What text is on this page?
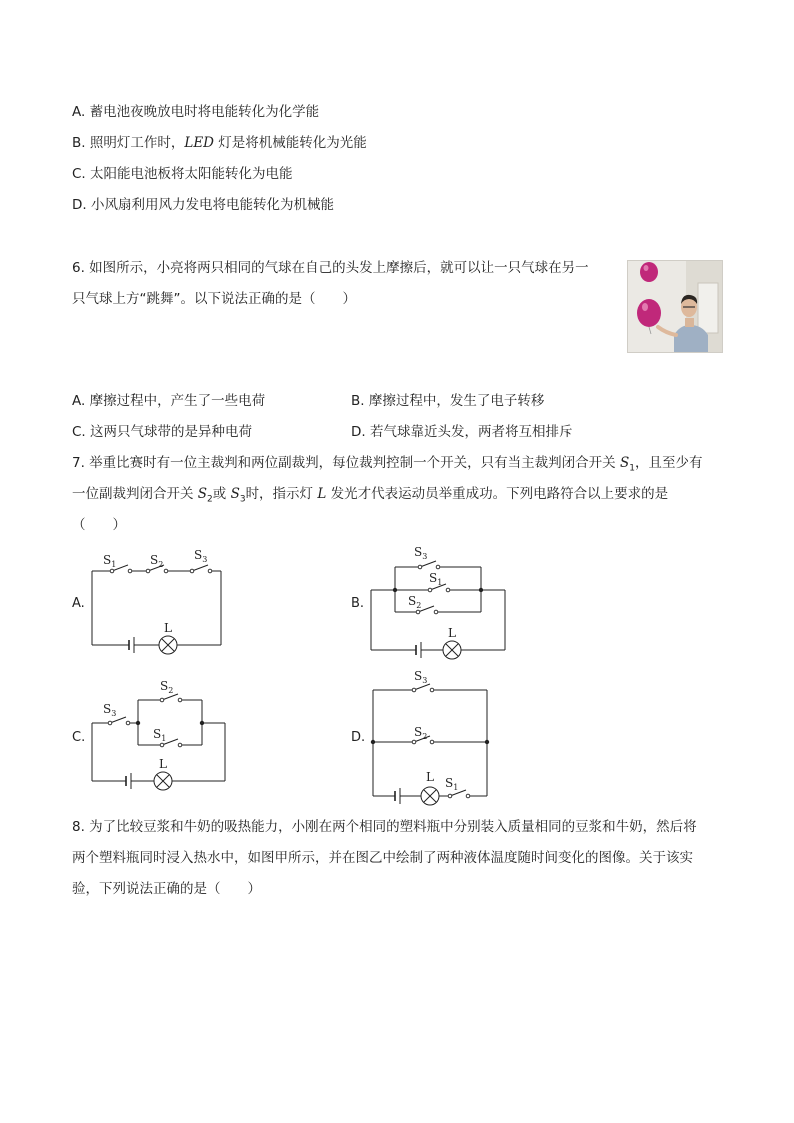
A. 蓄电池夜晚放电时将电能转化为化学能
B. 照明灯工作时，LED 灯是将机械能转化为光能
C. 太阳能电池板将太阳能转化为电能
D. 小风扇利用风力发电将电能转化为机械能
6. 如图所示，小亮将两只相同的气球在自己的头发上摩擦后，就可以让一只气球在另一
只气球上方“跳舞”。以下说法正确的是（　　）
A. 摩擦过程中，产生了一些电荷	B. 摩擦过程中，发生了电子转移
C. 这两只气球带的是异种电荷	D. 若气球靠近头发，两者将互相排斥
7. 举重比赛时有一位主裁判和两位副裁判，每位裁判控制一个开关，只有当主裁判闭合开关 $S_1$，且至少有
一位副裁判闭合开关 $S_2$或 $S_3$时，指示灯 L 发光才代表运动员举重成功。下列电路符合以上要求的是
（　　）
A.	B.
C.	D.
$S_1$	$S_2$
$S_3$
L
$S_3$
$S_1$
$S_2$
L
$S_3$
$S_2$
$S_1$
L
$S_3$
$S_2$
L $S_1$
8. 为了比较豆浆和牛奶的吸热能力，小刚在两个相同的塑料瓶中分别装入质量相同的豆浆和牛奶，然后将
两个塑料瓶同时浸入热水中，如图甲所示，并在图乙中绘制了两种液体温度随时间变化的图像。关于该实
验，下列说法正确的是（　　）
